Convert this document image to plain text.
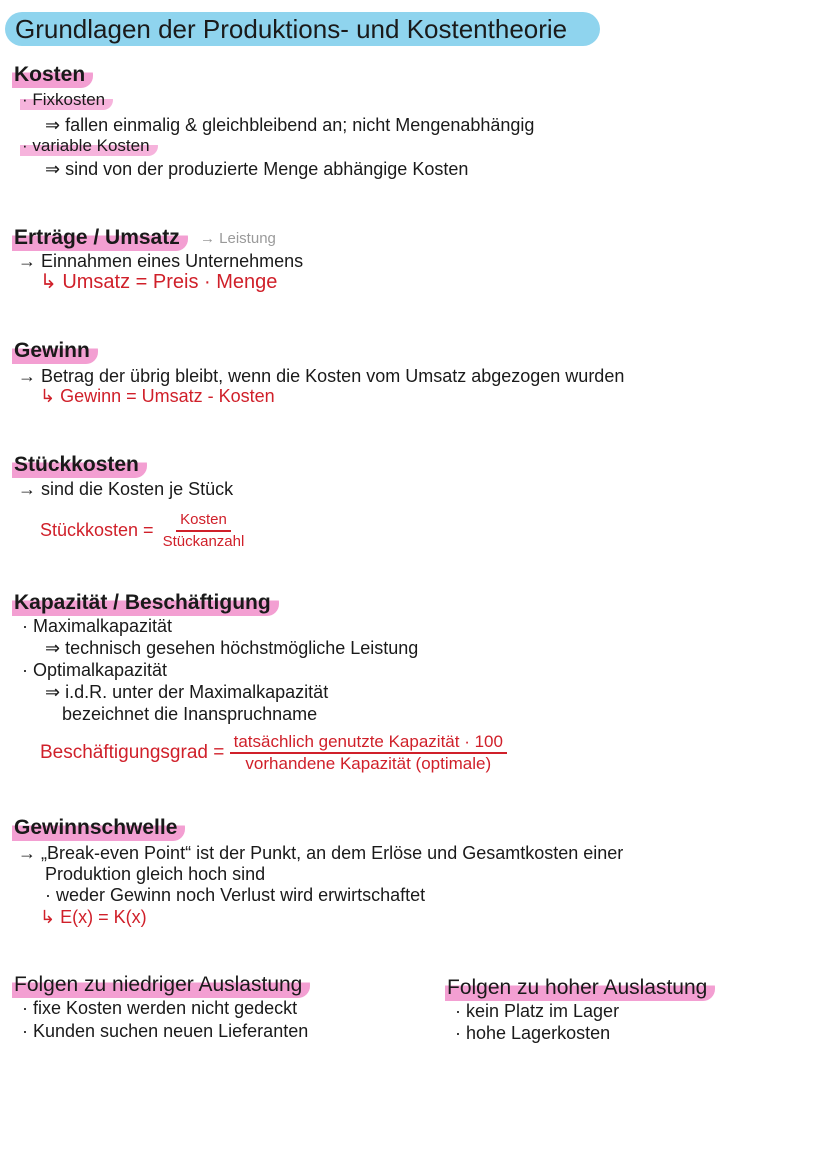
Grundlagen der Produktions- und Kostentheorie
Kosten
· Fixkosten
⇒ fallen einmalig & gleichbleibend an; nicht Mengenabhängig
· variable Kosten
⇒ sind von der produzierte Menge abhängige Kosten
Erträge / Umsatz	→ Leistung
→ Einnahmen eines Unternehmens
↳ Umsatz = Preis · Menge
Gewinn
→ Betrag der übrig bleibt, wenn die Kosten vom Umsatz abgezogen wurden
↳ Gewinn = Umsatz - Kosten
Stückkosten
→ sind die Kosten je Stück
Stückkosten = $\frac{\text{Kosten}}{\text{Stückanzahl}}$
Kapazität / Beschäftigung
· Maximalkapazität
⇒ technisch gesehen höchstmögliche Leistung
· Optimalkapazität
⇒ i.d.R. unter der Maximalkapazität
bezeichnet die Inanspruchname
Beschäftigungsgrad = $\frac{\text{tatsächlich genutzte Kapazität · 100}}{\text{vorhandene Kapazität (optimale)}}$
Gewinnschwelle
→ „Break-even Point“ ist der Punkt, an dem Erlöse und Gesamtkosten einer
Produktion gleich hoch sind
· weder Gewinn noch Verlust wird erwirtschaftet
↳ E(x) = K(x)
Folgen zu niedriger Auslastung
· fixe Kosten werden nicht gedeckt
· Kunden suchen neuen Lieferanten
Folgen zu hoher Auslastung
· kein Platz im Lager
· hohe Lagerkosten
